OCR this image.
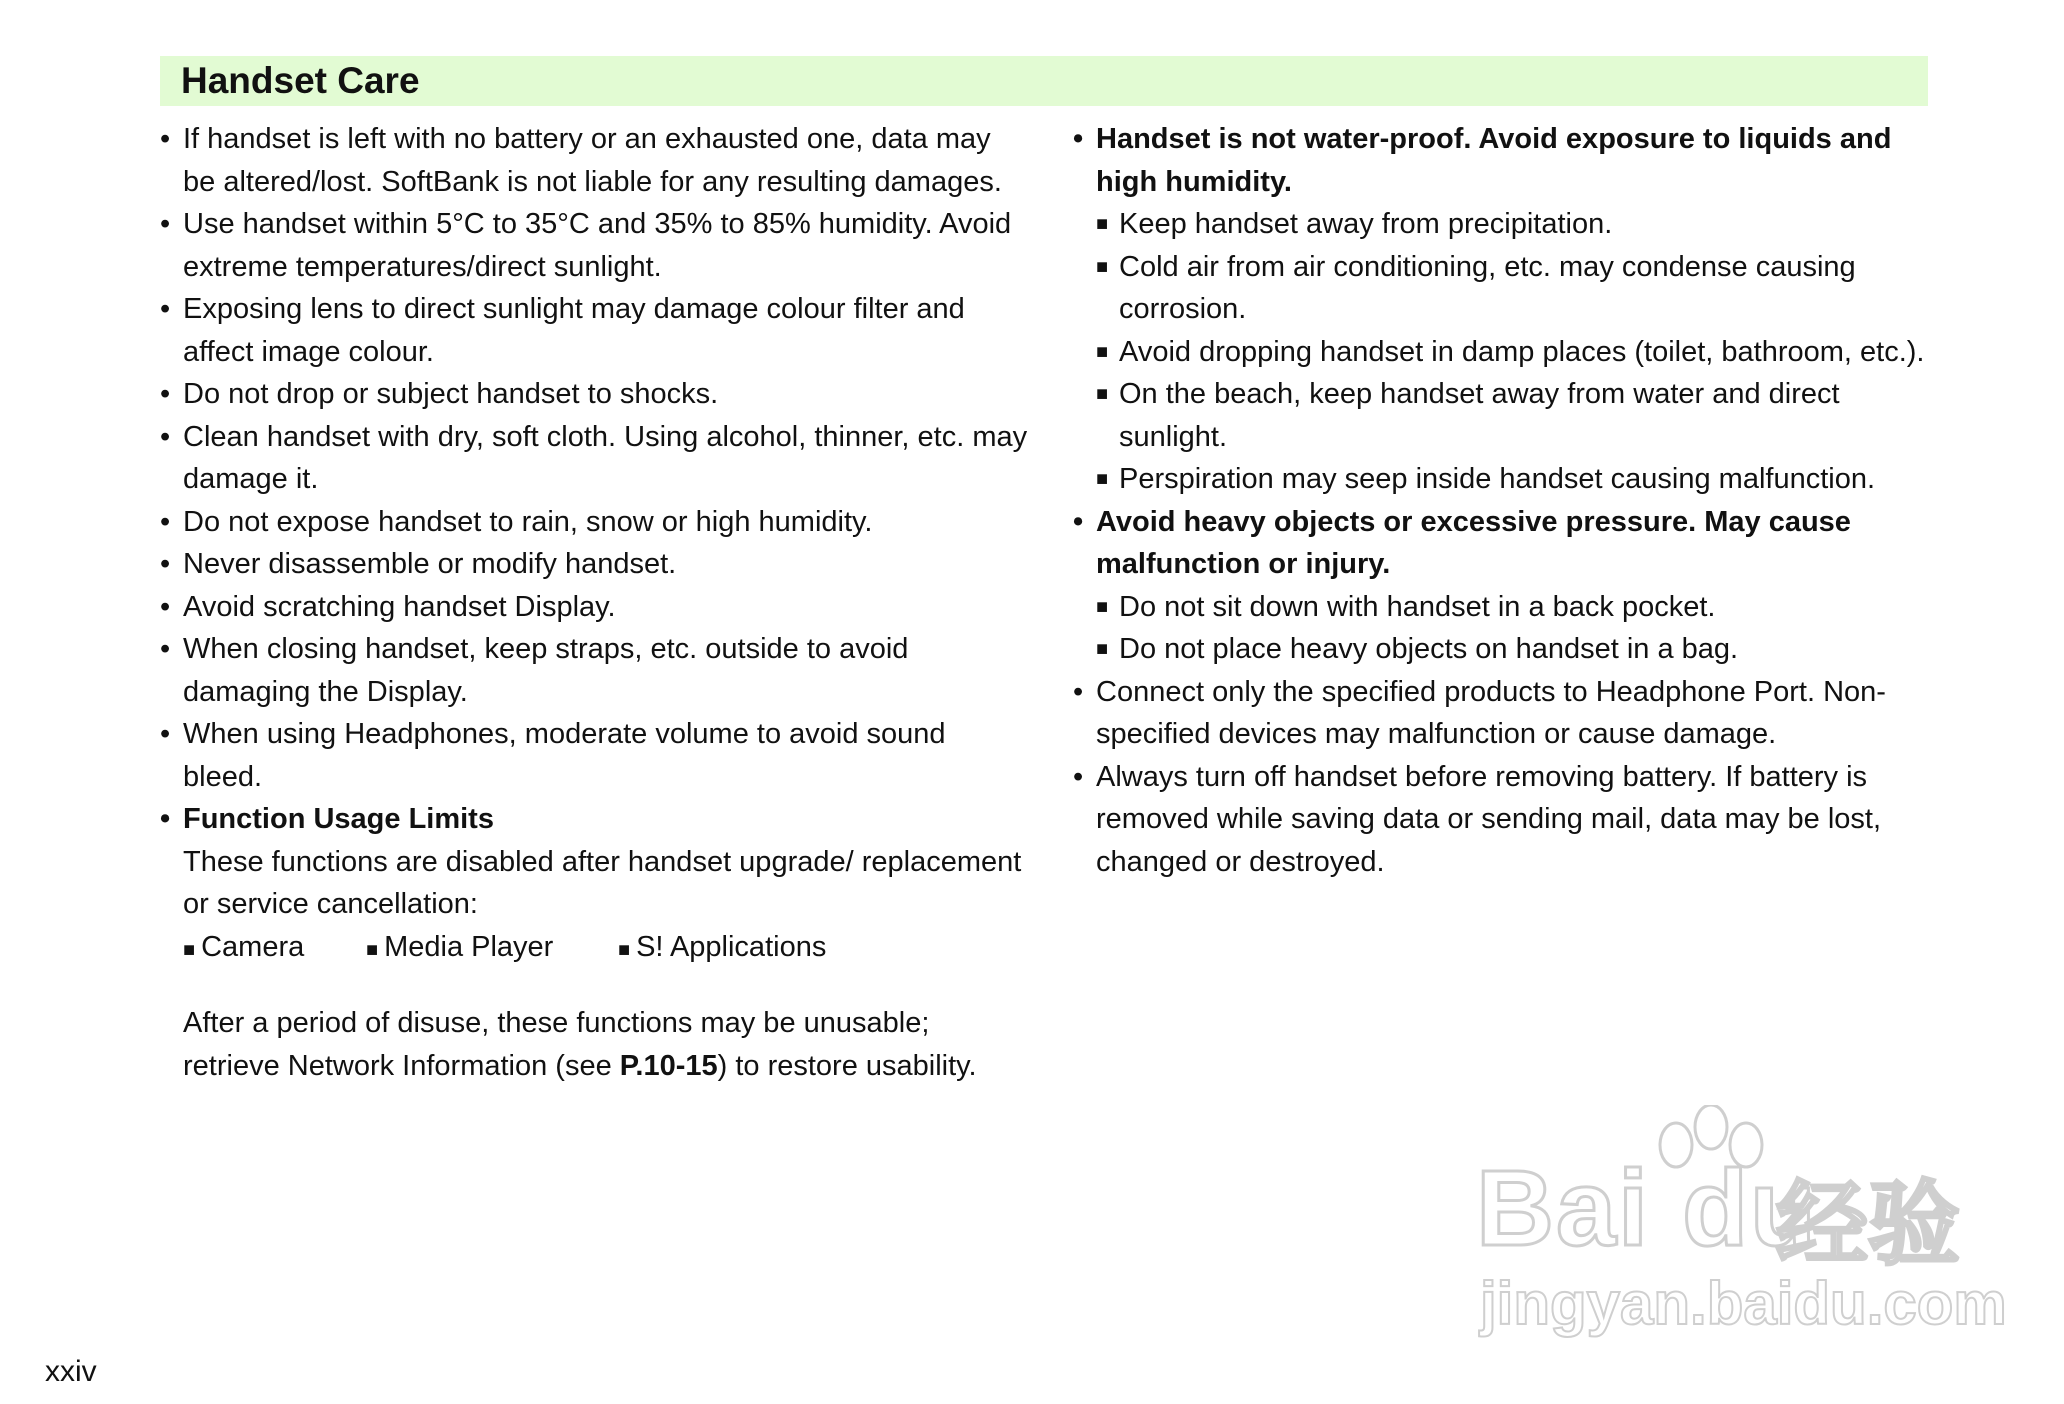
Handset Care
• If handset is left with no battery or an exhausted one, data may be altered/lost. SoftBank is not liable for any resulting damages.
• Use handset within 5°C to 35°C and 35% to 85% humidity. Avoid extreme temperatures/direct sunlight.
• Exposing lens to direct sunlight may damage colour filter and affect image colour.
• Do not drop or subject handset to shocks.
• Clean handset with dry, soft cloth. Using alcohol, thinner, etc. may damage it.
• Do not expose handset to rain, snow or high humidity.
• Never disassemble or modify handset.
• Avoid scratching handset Display.
• When closing handset, keep straps, etc. outside to avoid damaging the Display.
• When using Headphones, moderate volume to avoid sound bleed.
• Function Usage Limits
These functions are disabled after handset upgrade/ replacement or service cancellation:
■ Camera	■ Media Player	■ S! Applications
After a period of disuse, these functions may be unusable; retrieve Network Information (see P.10-15) to restore usability.
• Handset is not water-proof. Avoid exposure to liquids and high humidity.
■ Keep handset away from precipitation.
■ Cold air from air conditioning, etc. may condense causing corrosion.
■ Avoid dropping handset in damp places (toilet, bathroom, etc.).
■ On the beach, keep handset away from water and direct sunlight.
■ Perspiration may seep inside handset causing malfunction.
• Avoid heavy objects or excessive pressure. May cause malfunction or injury.
■ Do not sit down with handset in a back pocket.
■ Do not place heavy objects on handset in a bag.
• Connect only the specified products to Headphone Port. Non-specified devices may malfunction or cause damage.
• Always turn off handset before removing battery. If battery is removed while saving data or sending mail, data may be lost, changed or destroyed.
Bai du
经验
jingyan.baidu.com
xxiv
